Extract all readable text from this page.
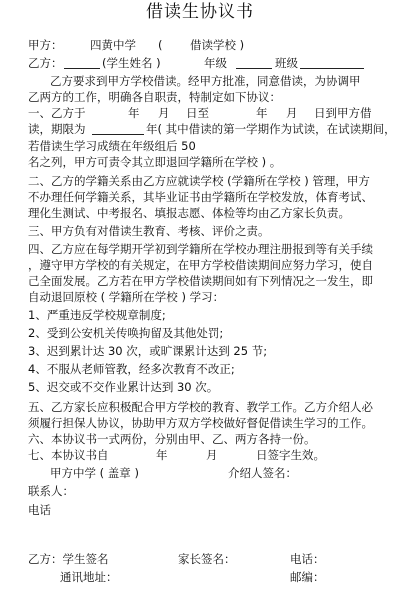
借读生协议书
甲方： 四黄中学 ( 借读学校 )
乙方：	(学生姓名 )	年级	班级
乙方要求到甲方学校借读。经甲方批准，同意借读，为协调甲
乙两方的工作，明确各自职责，特制定如下协议：
一、乙方于	年 月 日至	年 月 日到甲方借
读，期限为	年( 其中借读的第一学期作为试读，在试读期间，
若借读生学习成绩在年级组后 50
名之列，甲方可责令其立即退回学籍所在学校 ) 。
二、乙方的学籍关系由乙方应就读学校 (学籍所在学校 ) 管理，甲方
不办理任何学籍关系，其毕业证书由学籍所在学校发放，体育考试、
理化生测试、中考报名、填报志愿、体检等均由乙方家长负责。
三、甲方负有对借读生教育、考核、评价之责。
四、乙方应在每学期开学初到学籍所在学校办理注册报到等有关手续
，遵守甲方学校的有关规定，在甲方学校借读期间应努力学习，使自
己全面发展。乙方若在甲方学校借读期间如有下列情况之一发生，即
自动退回原校 ( 学籍所在学校 ) 学习：
1、严重违反学校规章制度;
2、受到公安机关传唤拘留及其他处罚;
3、迟到累计达 30 次，或旷课累计达到 25 节;
4、不服从老师管教，经多次教育不改正;
5、迟交或不交作业累计达到 30 次。
五、乙方家长应积极配合甲方学校的教育、教学工作。乙方介绍人必
须履行担保人协议，协助甲方双方学校做好督促借读生学习的工作。
六、本协议书一式两份，分别由甲、乙、两方各持一份。
七、本协议书自	年	月	日签字生效。
甲方中学 ( 盖章 )	介绍人签名：
联系人：
电话
乙方：学生签名	家长签名：	电话：
通讯地址：	邮编：
